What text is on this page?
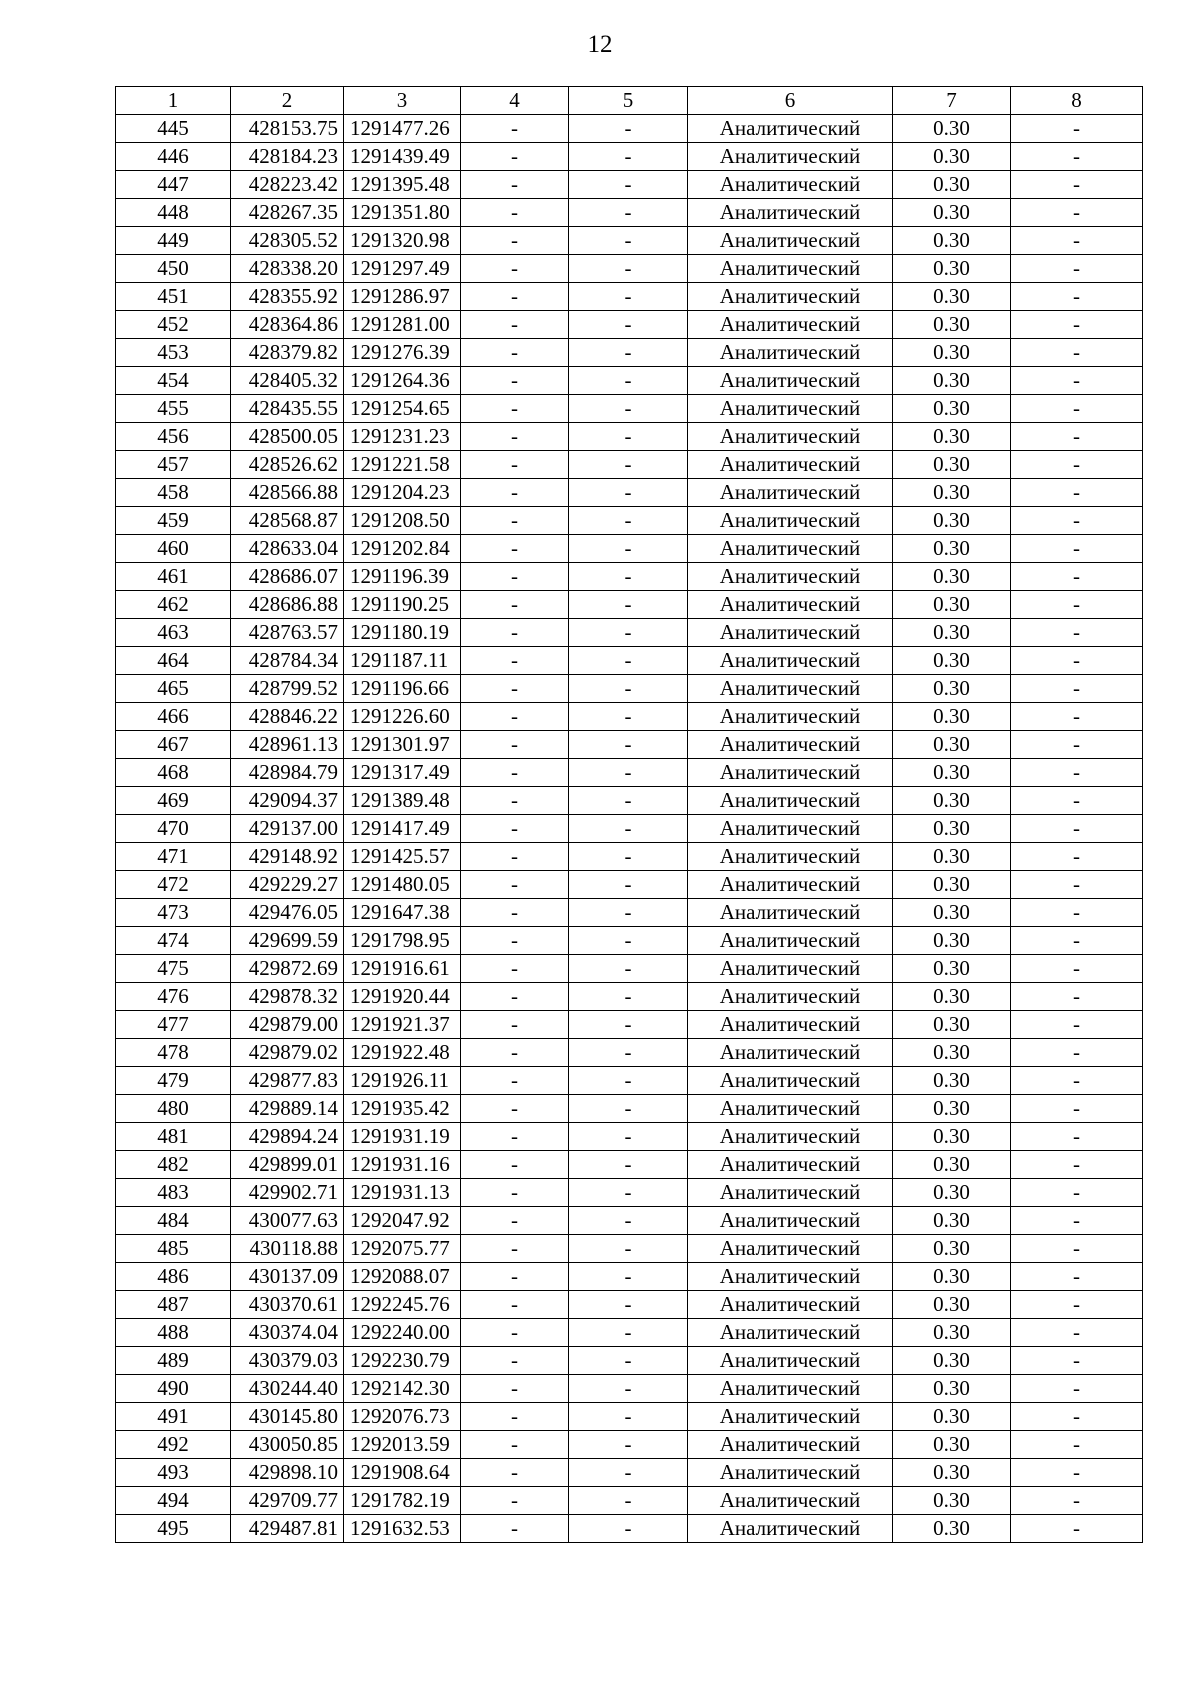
12
1	2	3	4	5	6	7	8
445	428153.75	1291477.26	-	-	Аналитический	0.30	-
446	428184.23	1291439.49	-	-	Аналитический	0.30	-
447	428223.42	1291395.48	-	-	Аналитический	0.30	-
448	428267.35	1291351.80	-	-	Аналитический	0.30	-
449	428305.52	1291320.98	-	-	Аналитический	0.30	-
450	428338.20	1291297.49	-	-	Аналитический	0.30	-
451	428355.92	1291286.97	-	-	Аналитический	0.30	-
452	428364.86	1291281.00	-	-	Аналитический	0.30	-
453	428379.82	1291276.39	-	-	Аналитический	0.30	-
454	428405.32	1291264.36	-	-	Аналитический	0.30	-
455	428435.55	1291254.65	-	-	Аналитический	0.30	-
456	428500.05	1291231.23	-	-	Аналитический	0.30	-
457	428526.62	1291221.58	-	-	Аналитический	0.30	-
458	428566.88	1291204.23	-	-	Аналитический	0.30	-
459	428568.87	1291208.50	-	-	Аналитический	0.30	-
460	428633.04	1291202.84	-	-	Аналитический	0.30	-
461	428686.07	1291196.39	-	-	Аналитический	0.30	-
462	428686.88	1291190.25	-	-	Аналитический	0.30	-
463	428763.57	1291180.19	-	-	Аналитический	0.30	-
464	428784.34	1291187.11	-	-	Аналитический	0.30	-
465	428799.52	1291196.66	-	-	Аналитический	0.30	-
466	428846.22	1291226.60	-	-	Аналитический	0.30	-
467	428961.13	1291301.97	-	-	Аналитический	0.30	-
468	428984.79	1291317.49	-	-	Аналитический	0.30	-
469	429094.37	1291389.48	-	-	Аналитический	0.30	-
470	429137.00	1291417.49	-	-	Аналитический	0.30	-
471	429148.92	1291425.57	-	-	Аналитический	0.30	-
472	429229.27	1291480.05	-	-	Аналитический	0.30	-
473	429476.05	1291647.38	-	-	Аналитический	0.30	-
474	429699.59	1291798.95	-	-	Аналитический	0.30	-
475	429872.69	1291916.61	-	-	Аналитический	0.30	-
476	429878.32	1291920.44	-	-	Аналитический	0.30	-
477	429879.00	1291921.37	-	-	Аналитический	0.30	-
478	429879.02	1291922.48	-	-	Аналитический	0.30	-
479	429877.83	1291926.11	-	-	Аналитический	0.30	-
480	429889.14	1291935.42	-	-	Аналитический	0.30	-
481	429894.24	1291931.19	-	-	Аналитический	0.30	-
482	429899.01	1291931.16	-	-	Аналитический	0.30	-
483	429902.71	1291931.13	-	-	Аналитический	0.30	-
484	430077.63	1292047.92	-	-	Аналитический	0.30	-
485	430118.88	1292075.77	-	-	Аналитический	0.30	-
486	430137.09	1292088.07	-	-	Аналитический	0.30	-
487	430370.61	1292245.76	-	-	Аналитический	0.30	-
488	430374.04	1292240.00	-	-	Аналитический	0.30	-
489	430379.03	1292230.79	-	-	Аналитический	0.30	-
490	430244.40	1292142.30	-	-	Аналитический	0.30	-
491	430145.80	1292076.73	-	-	Аналитический	0.30	-
492	430050.85	1292013.59	-	-	Аналитический	0.30	-
493	429898.10	1291908.64	-	-	Аналитический	0.30	-
494	429709.77	1291782.19	-	-	Аналитический	0.30	-
495	429487.81	1291632.53	-	-	Аналитический	0.30	-
